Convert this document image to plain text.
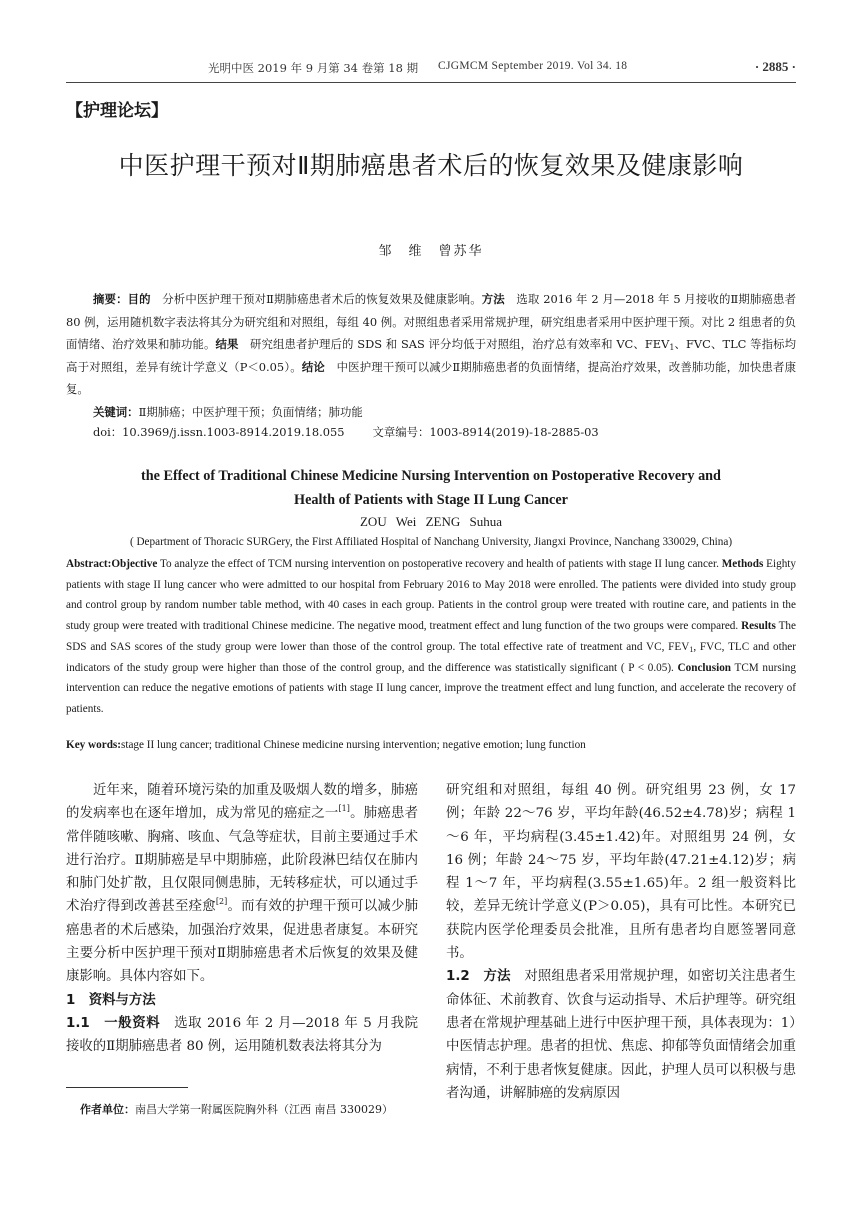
光明中医 2019 年 9 月第 34 卷第 18 期 CJGMCM September 2019. Vol 34. 18	· 2885 ·
【护理论坛】
中医护理干预对Ⅱ期肺癌患者术后的恢复效果及健康影响
邹　维　曾苏华

摘要：目的　分析中医护理干预对Ⅱ期肺癌患者术后的恢复效果及健康影响。方法　选取 2016 年 2 月—2018 年 5 月接收的Ⅱ期肺癌患者 80 例，运用随机数字表法将其分为研究组和对照组，每组 40 例。对照组患者采用常规护理，研究组患者采用中医护理干预。对比 2 组患者的负面情绪、治疗效果和肺功能。结果　研究组患者护理后的 SDS 和 SAS 评分均低于对照组，治疗总有效率和 VC、$FEV_1$、FVC、TLC 等指标均高于对照组，差异有统计学意义（P＜0.05）。结论　中医护理干预可以减少Ⅱ期肺癌患者的负面情绪，提高治疗效果，改善肺功能，加快患者康复。

关键词：Ⅱ期肺癌；中医护理干预；负面情绪；肺功能

doi：10.3969/j.issn.1003-8914.2019.18.055 文章编号：1003-8914(2019)-18-2885-03
the Effect of Traditional Chinese Medicine Nursing Intervention on Postoperative Recovery and
Health of Patients with Stage II Lung Cancer
ZOU Wei ZENG Suhua
( Department of Thoracic SURGery, the First Affiliated Hospital of Nanchang University, Jiangxi Province, Nanchang 330029, China)

Abstract:Objective To analyze the effect of TCM nursing intervention on postoperative recovery and health of patients with stage II lung cancer. Methods Eighty patients with stage II lung cancer who were admitted to our hospital from February 2016 to May 2018 were enrolled. The patients were divided into study group and control group by random number table method, with 40 cases in each group. Patients in the control group were treated with routine care, and patients in the study group were treated with traditional Chinese medicine. The negative mood, treatment effect and lung function of the two groups were compared. Results The SDS and SAS scores of the study group were lower than those of the control group. The total effective rate of treatment and VC, $FEV_1$, FVC, TLC and other indicators of the study group were higher than those of the control group, and the difference was statistically significant ( P < 0.05). Conclusion TCM nursing intervention can reduce the negative emotions of patients with stage II lung cancer, improve the treatment effect and lung function, and accelerate the recovery of patients.

Key words:stage II lung cancer; traditional Chinese medicine nursing intervention; negative emotion; lung function

近年来，随着环境污染的加重及吸烟人数的增多，肺癌的发病率也在逐年增加，成为常见的癌症之一[1]。肺癌患者常伴随咳嗽、胸痛、咳血、气急等症状，目前主要通过手术进行治疗。Ⅱ期肺癌是早中期肺癌，此阶段淋巴结仅在肺内和肺门处扩散，且仅限同侧患肺，无转移症状，可以通过手术治疗得到改善甚至痊愈[2]。而有效的护理干预可以减少肺癌患者的术后感染，加强治疗效果，促进患者康复。本研究主要分析中医护理干预对Ⅱ期肺癌患者术后恢复的效果及健康影响。具体内容如下。

1　资料与方法

1.1　一般资料　选取 2016 年 2 月—2018 年 5 月我院接收的Ⅱ期肺癌患者 80 例，运用随机数表法将其分为

研究组和对照组，每组 40 例。研究组男 23 例，女 17 例；年龄 22～76 岁，平均年龄(46.52±4.78)岁；病程 1～6 年，平均病程(3.45±1.42)年。对照组男 24 例，女 16 例；年龄 24～75 岁，平均年龄(47.21±4.12)岁；病程 1～7 年，平均病程(3.55±1.65)年。2 组一般资料比较，差异无统计学意义(P＞0.05)，具有可比性。本研究已获院内医学伦理委员会批准，且所有患者均自愿签署同意书。

1.2　方法　对照组患者采用常规护理，如密切关注患者生命体征、术前教育、饮食与运动指导、术后护理等。研究组患者在常规护理基础上进行中医护理干预，具体表现为：1）中医情志护理。患者的担忧、焦虑、抑郁等负面情绪会加重病情，不利于患者恢复健康。因此，护理人员可以积极与患者沟通，讲解肺癌的发病原因

作者单位：南昌大学第一附属医院胸外科（江西 南昌 330029）
